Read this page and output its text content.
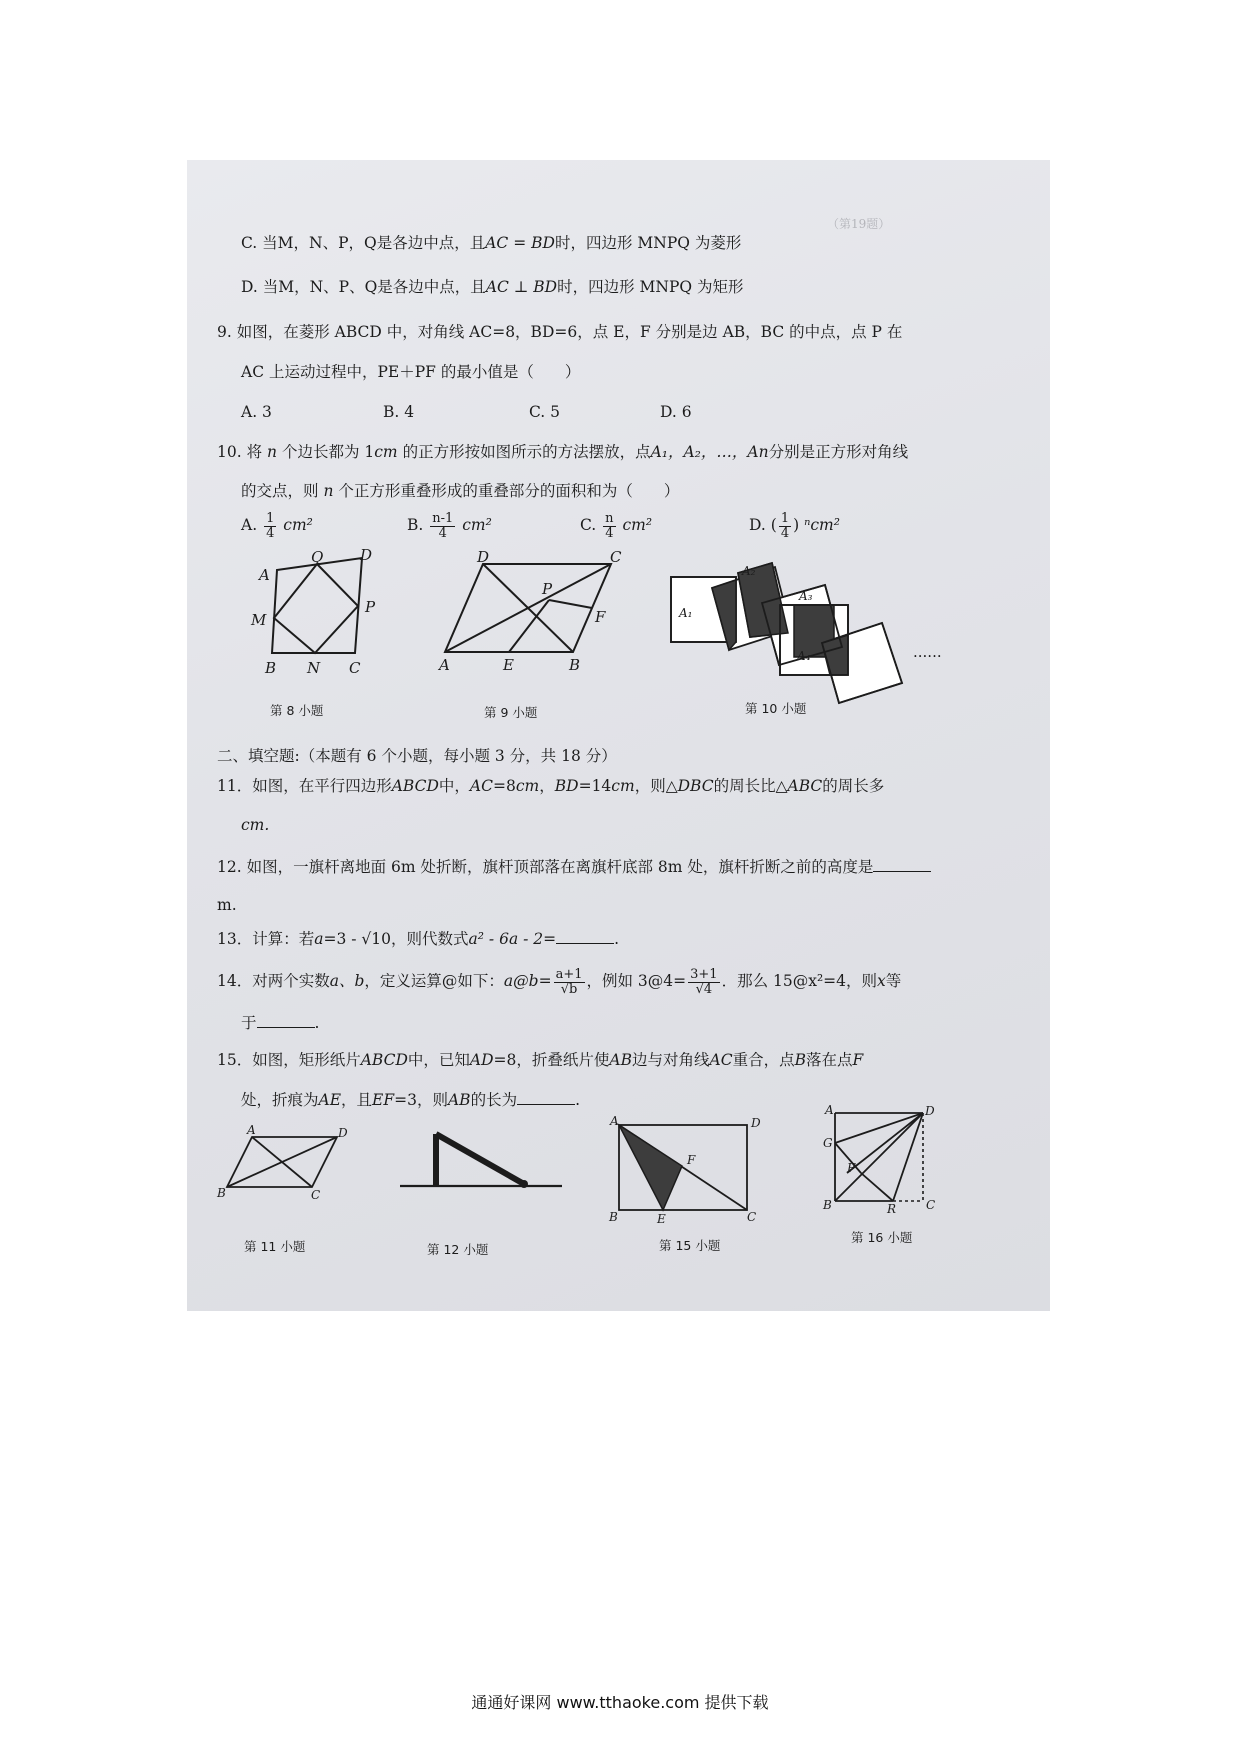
（第19题）
C. 当M，N、P，Q是各边中点，且AC = BD时，四边形 MNPQ 为菱形
D. 当M，N、P、Q是各边中点，且AC ⊥ BD时，四边形 MNPQ 为矩形
9. 如图，在菱形 ABCD 中，对角线 AC=8，BD=6，点 E，F 分别是边 AB，BC 的中点，点 P 在
AC 上运动过程中，PE＋PF 的最小值是（　　）
A. 3	B. 4	C. 5	D. 6
10. 将 n 个边长都为 1cm 的正方形按如图所示的方法摆放，点A₁，A₂，…，An分别是正方形对角线
的交点，则 n 个正方形重叠形成的重叠部分的面积和为（　　）
A. $\frac{1}{4} cm^2$	B. $\frac{n-1}{4} cm^2$	C. $\frac{n}{4} cm^2$	D. ( $\frac{1}{4}$ ) ⁿcm²
A
Q D
M
P
B N C
第 8 小题
D	C
P
F
A	E	B
第 9 小题
A₁
A₂
A₃
A₄	......
第 10 小题
二、填空题:（本题有 6 个小题，每小题 3 分，共 18 分）
11．如图，在平行四边形ABCD中，AC=8cm，BD=14cm，则△DBC的周长比△ABC的周长多
cm.
12. 如图，一旗杆离地面 6m 处折断，旗杆顶部落在离旗杆底部 8m 处，旗杆折断之前的高度是
m.
13．计算：若a=3 - √10，则代数式a² - 6a - 2=	.
14．对两个实数a、b，定义运算@如下：a@b= $\frac{a+1}{√b}$ ，例如 3@4= $\frac{3+1}{√4}$ ．那么 15@x²=4，则x等
于	.
15．如图，矩形纸片ABCD中，已知AD=8，折叠纸片使AB边与对角线AC重合，点B落在点F
处，折痕为AE，且EF=3，则AB的长为	.
A	D
B	C
第 11 小题	第 12 小题
A	D
F
B	E	C
第 15 小题
A	D
G
F
B	R C
第 16 小题
通通好课网 www.tthaoke.com 提供下载
